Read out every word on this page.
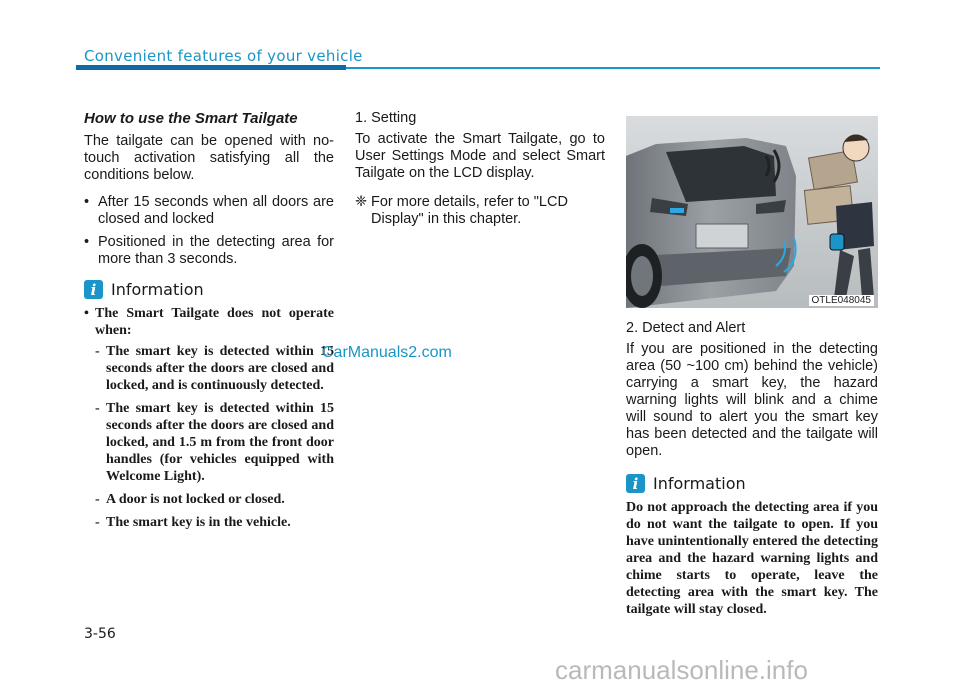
Convenient features of your vehicle
How to use the Smart Tailgate

The tailgate can be opened with no-touch activation satisfying all the conditions below.

• After 15 seconds when all doors are closed and locked
• Positioned in the detecting area for more than 3 seconds.
i Information
• The Smart Tailgate does not operate when:
- The smart key is detected within 15 seconds after the doors are closed and locked, and is continuously detected.
- The smart key is detected within 15 seconds after the doors are closed and locked, and 1.5 m from the front door handles (for vehicles equipped with Welcome Light).
- A door is not locked or closed.
- The smart key is in the vehicle.

1. Setting

To activate the Smart Tailgate, go to User Settings Mode and select Smart Tailgate on the LCD display.

❈ For more details, refer to "LCD Display" in this chapter.
OTLE048045

2. Detect and Alert

If you are positioned in the detecting area (50 ~100 cm) behind the vehicle) carrying a smart key, the hazard warning lights will blink and a chime will sound to alert you the smart key has been detected and the tailgate will open.

i Information

Do not approach the detecting area if you do not want the tailgate to open. If you have unintentionally entered the detecting area and the hazard warning lights and chime starts to operate, leave the detecting area with the smart key. The tailgate will stay closed.

3-56
CarManuals2.com
carmanualsonline.info
